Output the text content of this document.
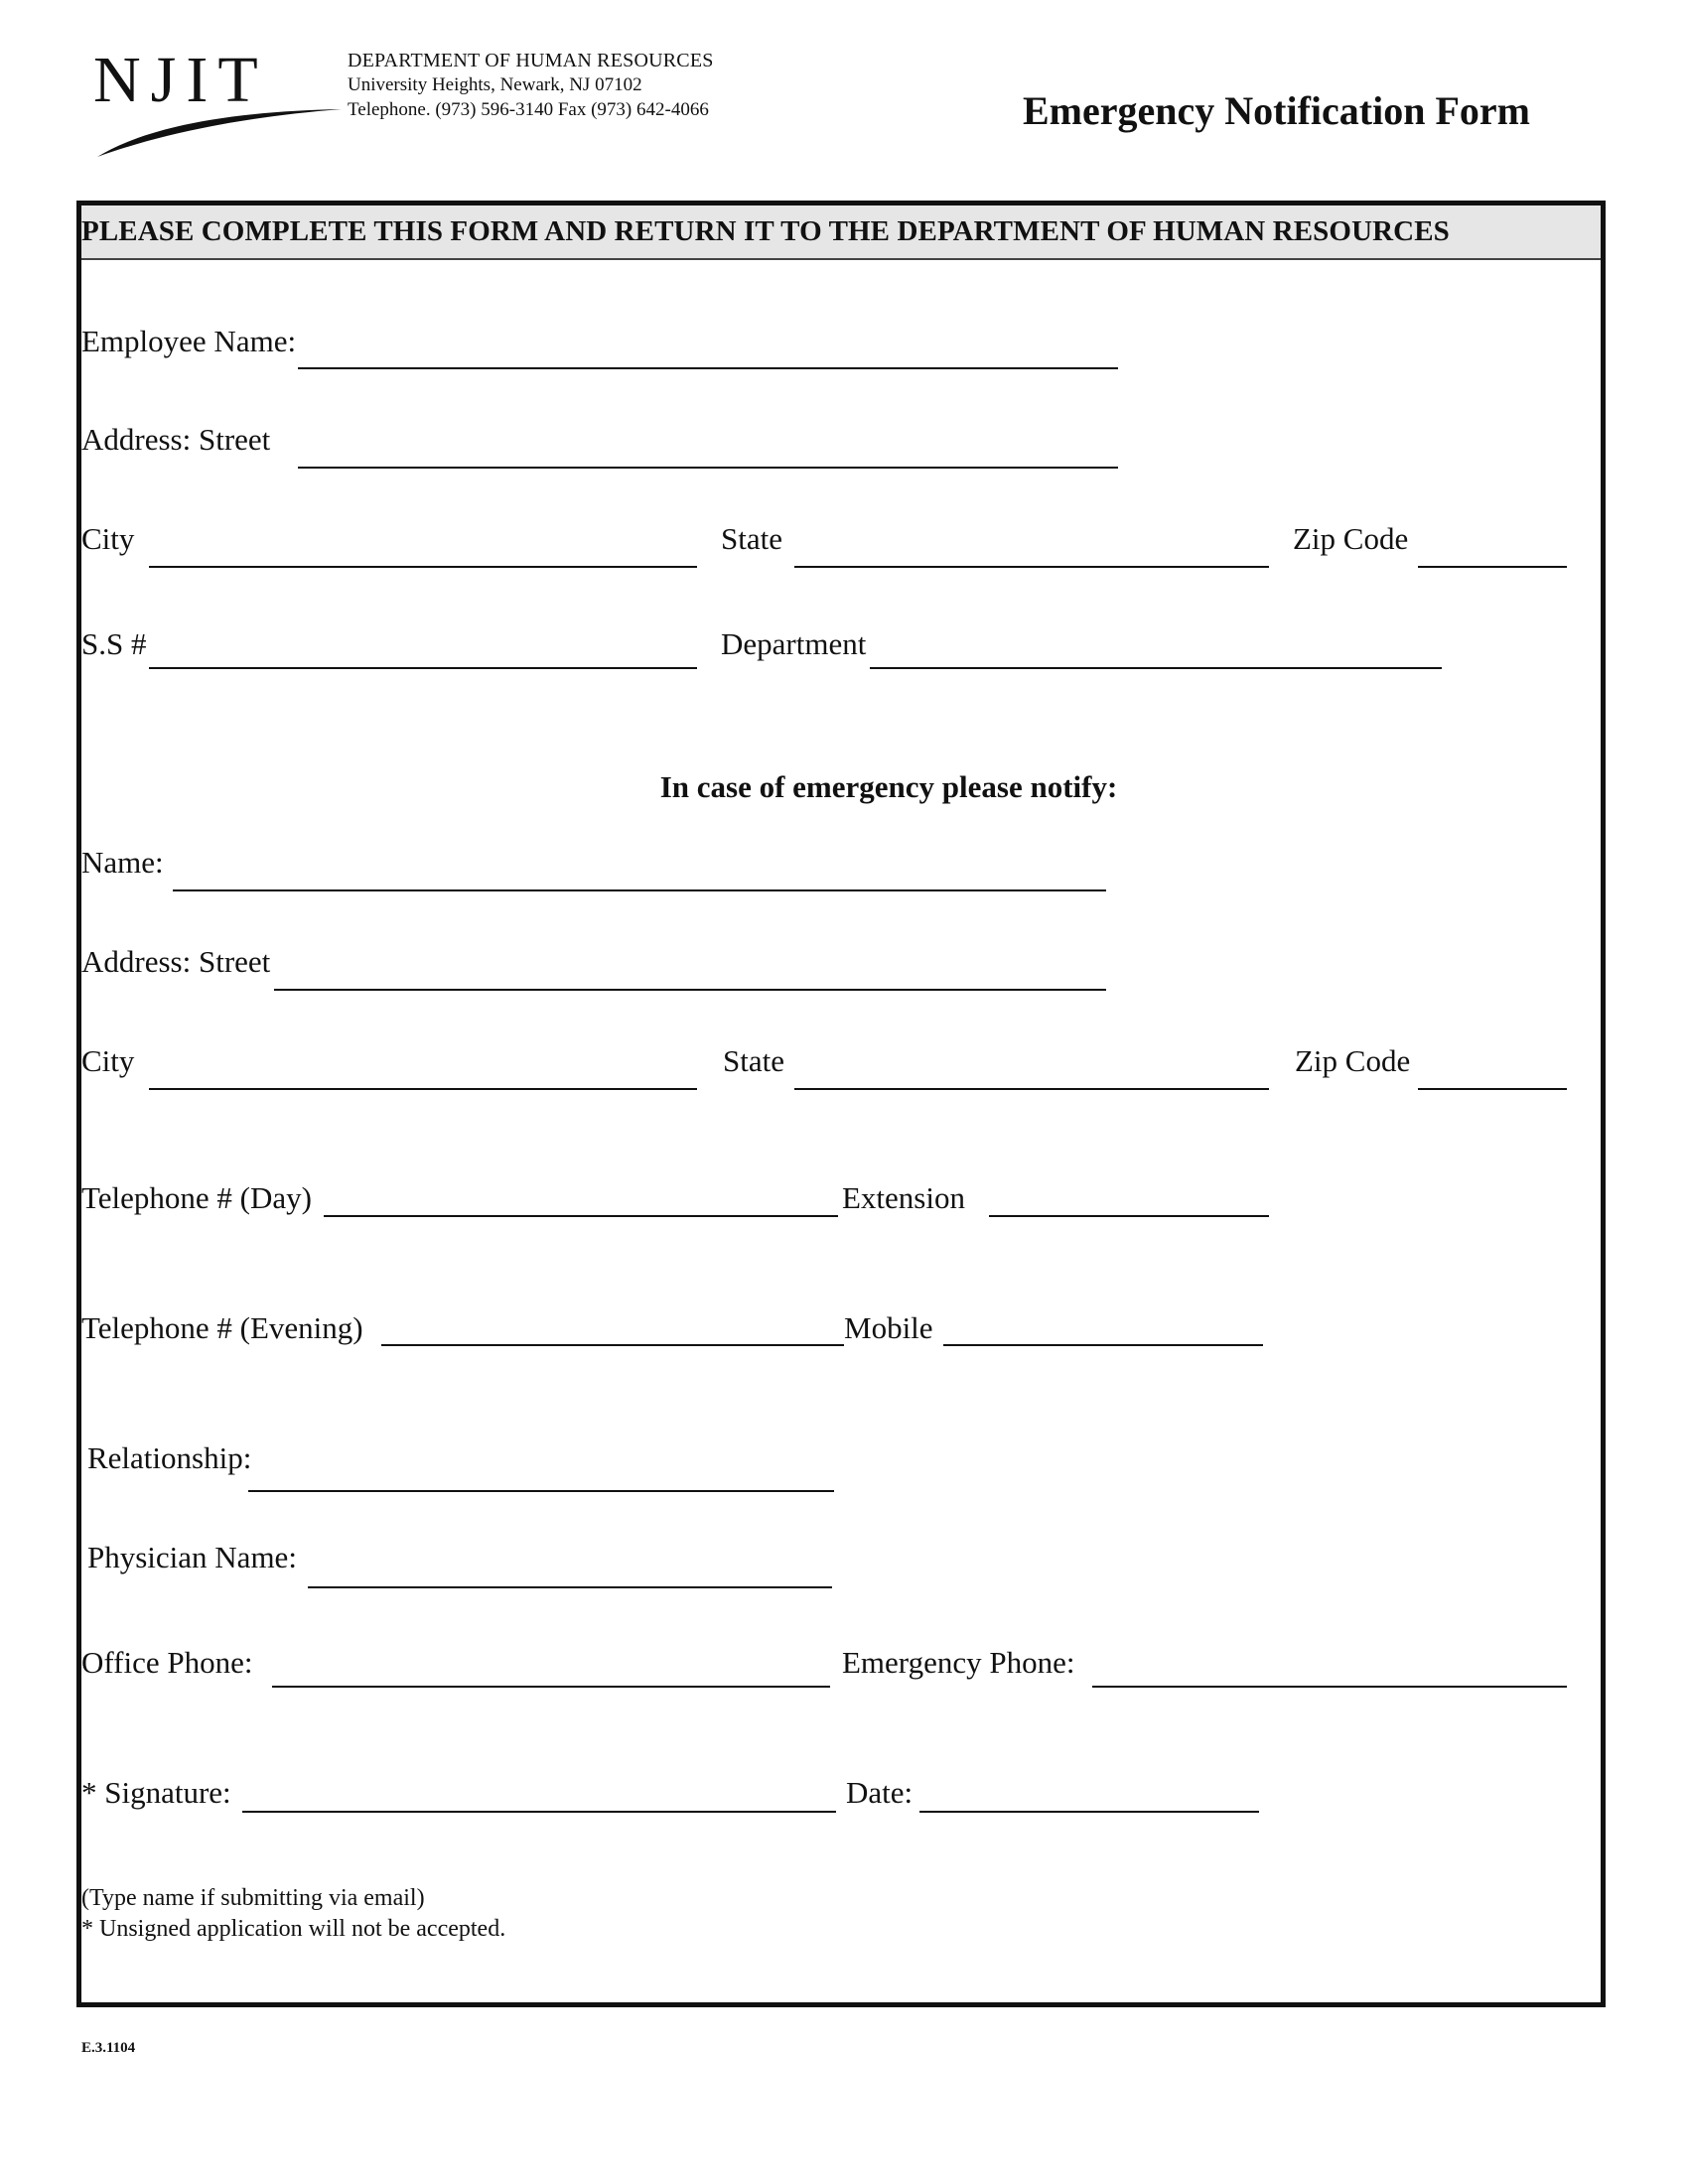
NJIT	DEPARTMENT OF HUMAN RESOURCES
University Heights, Newark, NJ 07102
Telephone. (973) 596-3140 Fax (973) 642-4066	Emergency Notification Form
PLEASE COMPLETE THIS FORM AND RETURN IT TO THE DEPARTMENT OF HUMAN RESOURCES
Employee Name:
Address: Street
City	State	Zip Code
S.S #	Department
In case of emergency please notify:
Name:
Address: Street
City	State	Zip Code
Telephone # (Day)	Extension
Telephone # (Evening)	Mobile
Relationship:
Physician Name:
Office Phone:	Emergency Phone:
* Signature:	Date:
(Type name if submitting via email)
* Unsigned application will not be accepted.
E.3.1104
